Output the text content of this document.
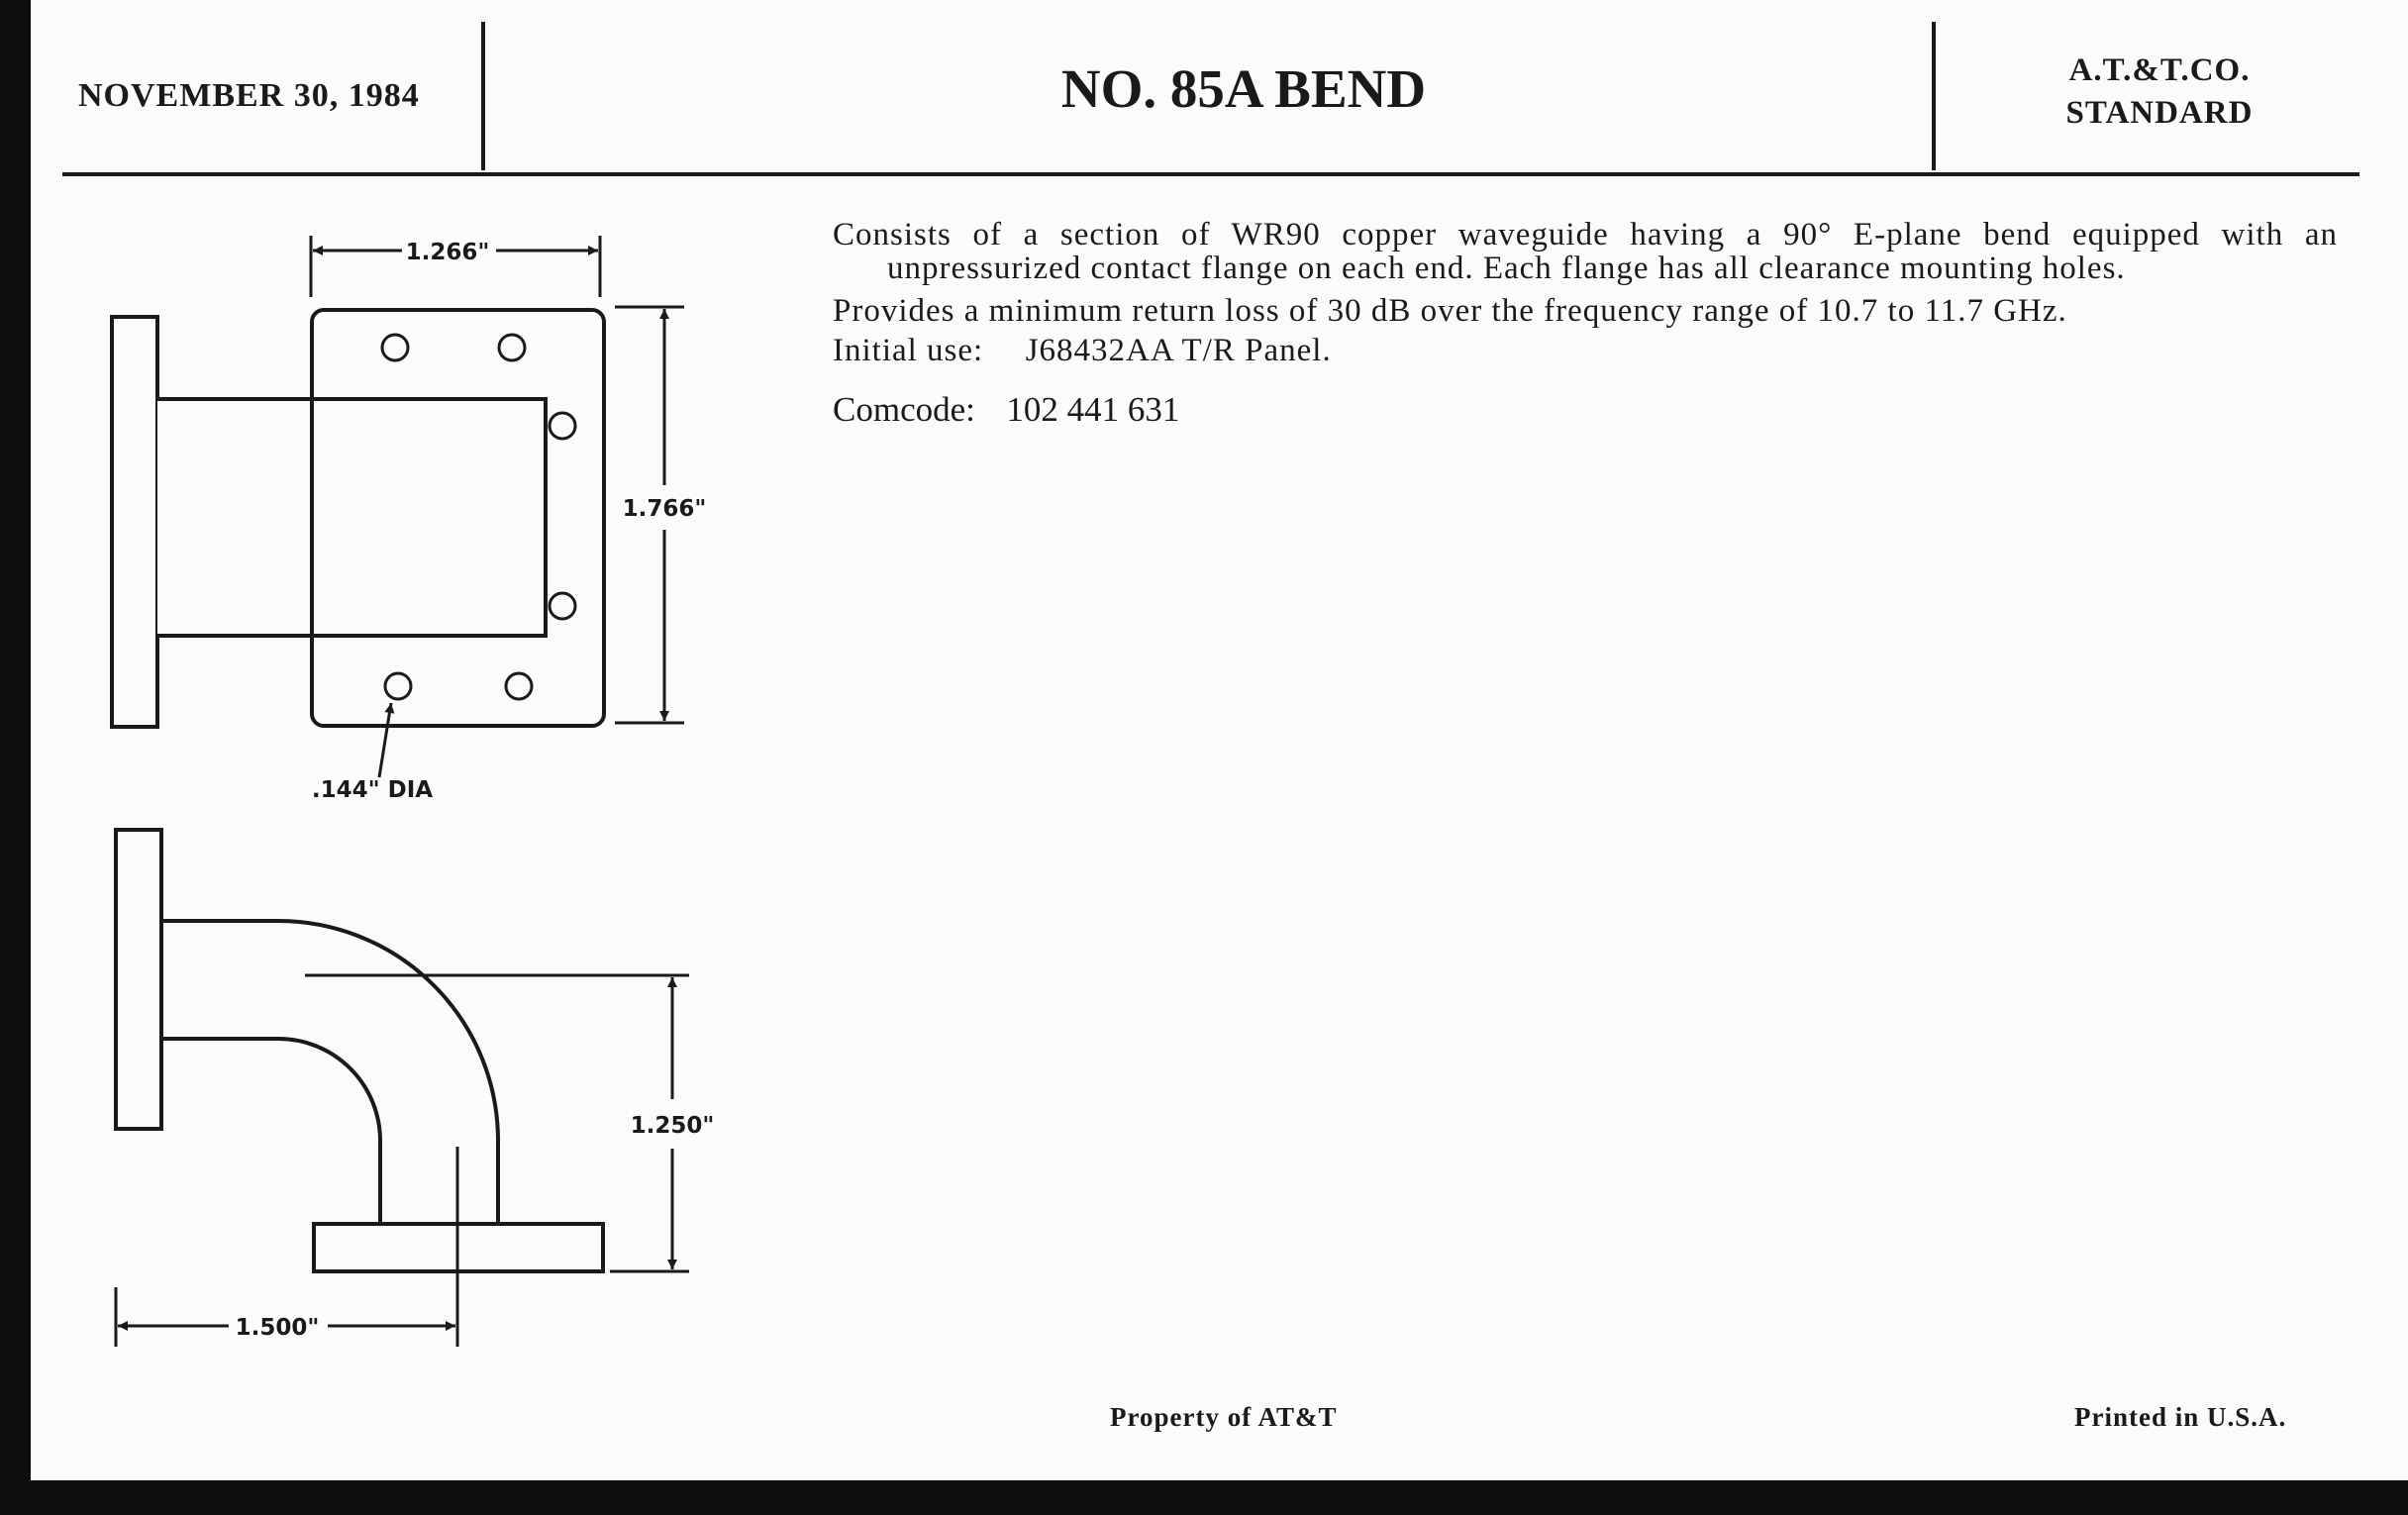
NOVEMBER 30, 1984	NO. 85A BEND	A.T.&T.CO.
STANDARD

Consists of a section of WR90 copper waveguide having a 90° E-plane bend equipped with an unpressurized contact flange on each end. Each flange has all clearance mounting holes.

Provides a minimum return loss of 30 dB over the frequency range of 10.7 to 11.7 GHz.

Initial use: J68432AA T/R Panel.

Comcode: 102 441 631

1.266"
1.766"
.144" DIA
1.250"
1.500"
Property of AT&T	Printed in U.S.A.
